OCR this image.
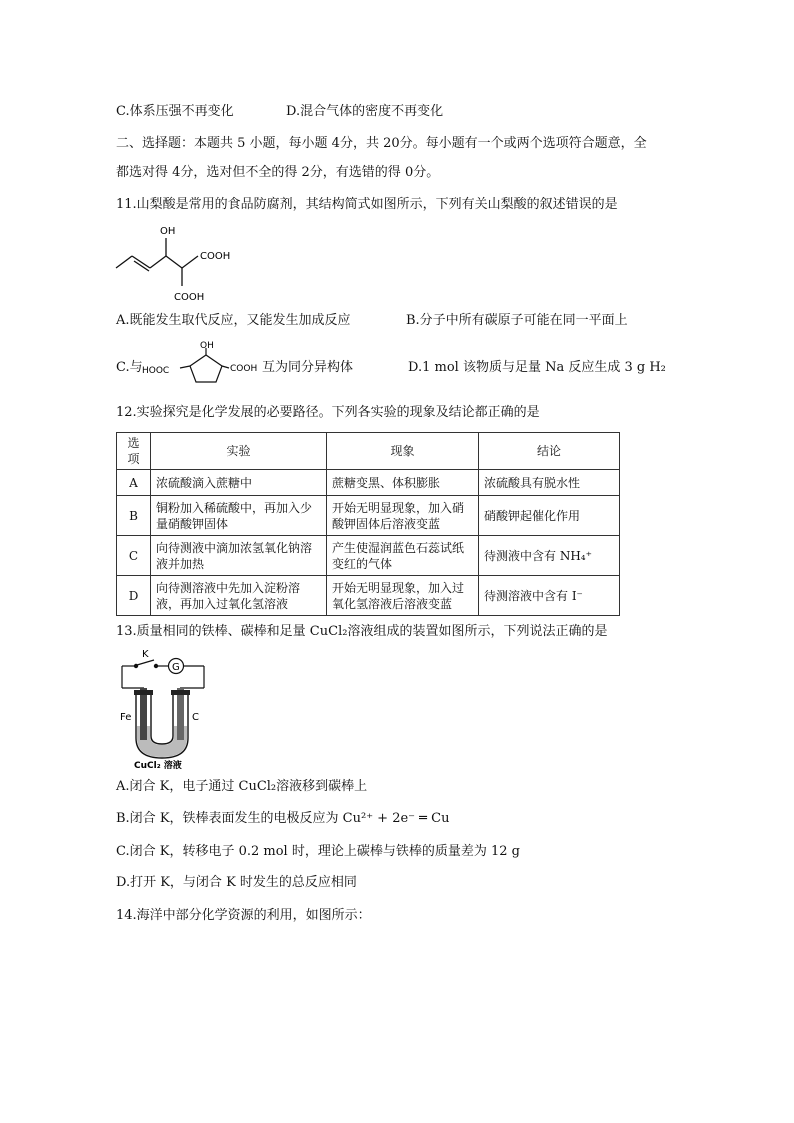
C.体系压强不再变化	D.混合气体的密度不再变化
二、选择题：本题共 5 小题，每小题 4分，共 20分。每小题有一个或两个选项符合题意，全
都选对得 4分，选对但不全的得 2分，有选错的得 0分。
11.山梨酸是常用的食品防腐剂，其结构简式如图所示，下列有关山梨酸的叙述错误的是
OH
COOH
COOH
A.既能发生取代反应，又能发生加成反应	B.分子中所有碳原子可能在同一平面上
C.与
OH
HOOC	COOH 互为同分异构体	D.1 mol 该物质与足量 Na 反应生成 3 g H₂
12.实验探究是化学发展的必要路径。下列各实验的现象及结论都正确的是
选项	实验	现象	结论
A	浓硫酸滴入蔗糖中	蔗糖变黑、体积膨胀	浓硫酸具有脱水性
B	铜粉加入稀硫酸中，再加入少量硝酸钾固体	开始无明显现象，加入硝酸钾固体后溶液变蓝	硝酸钾起催化作用
C	向待测液中滴加浓氢氧化钠溶液并加热	产生使湿润蓝色石蕊试纸变红的气体	待测液中含有 NH₄⁺
D	向待测溶液中先加入淀粉溶液，再加入过氧化氢溶液	开始无明显现象，加入过氧化氢溶液后溶液变蓝	待测溶液中含有 I⁻
13.质量相同的铁棒、碳棒和足量 CuCl₂溶液组成的装置如图所示，下列说法正确的是
K
G
Fe	C
CuCl₂ 溶液
A.闭合 K，电子通过 CuCl₂溶液移到碳棒上
B.闭合 K，铁棒表面发生的电极反应为 Cu²⁺ + 2e⁻ ═ Cu
C.闭合 K，转移电子 0.2 mol 时，理论上碳棒与铁棒的质量差为 12 g
D.打开 K，与闭合 K 时发生的总反应相同
14.海洋中部分化学资源的利用，如图所示：
